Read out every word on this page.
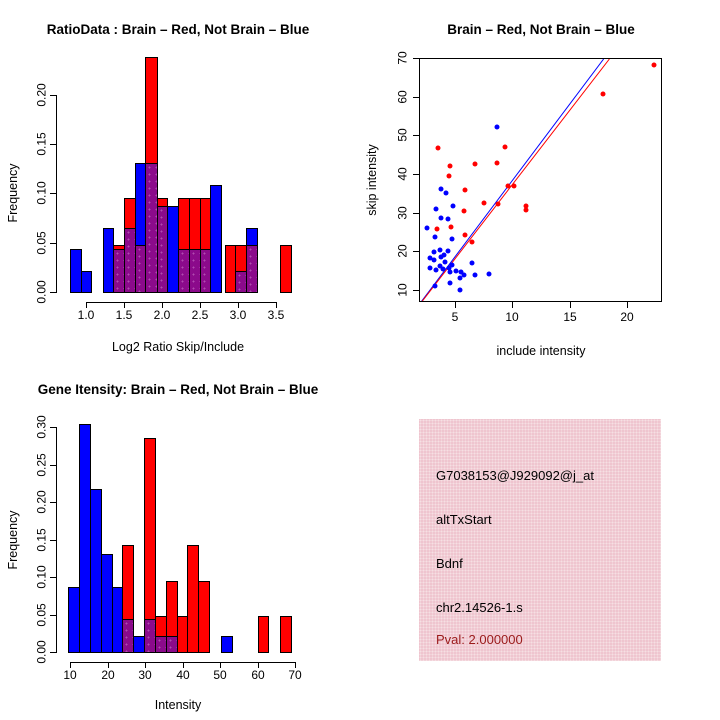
RatioData : Brain – Red, Not Brain – Blue
Frequency
Log2 Ratio Skip/Include
1.0 1.5 2.0 2.5 3.0 3.5
0.00
0.05
0.10
0.15
0.20
Brain – Red, Not Brain – Blue
skip intensity
include intensity
5	10	15	20
10
20
30
40
50
60
70
Gene Itensity: Brain – Red, Not Brain – Blue
Frequency
Intensity
10 20 30 40 50 60 70
0.00
0.05
0.10
0.15
0.20
0.25
0.30
G7038153@J929092@j_at
altTxStart
Bdnf
chr2.14526-1.s
Pval: 2.000000
